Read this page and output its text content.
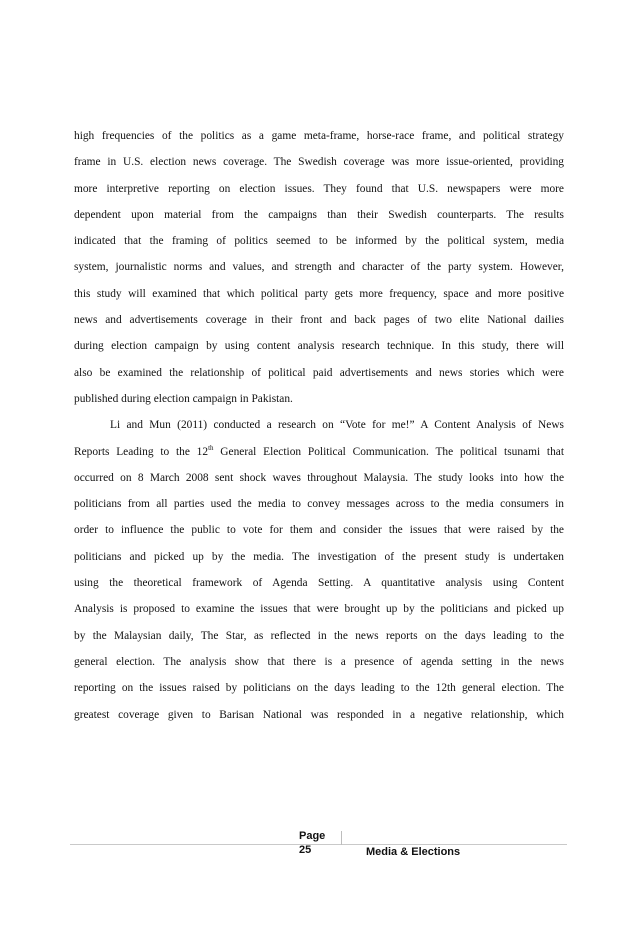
high frequencies of the politics as a game meta-frame, horse-race frame, and political strategy
frame in U.S. election news coverage. The Swedish coverage was more issue-oriented, providing
more interpretive reporting on election issues. They found that U.S. newspapers were more
dependent upon material from the campaigns than their Swedish counterparts. The results
indicated that the framing of politics seemed to be informed by the political system, media
system, journalistic norms and values, and strength and character of the party system. However,
this study will examined that which political party gets more frequency, space and more positive
news and advertisements coverage in their front and back pages of two elite National dailies
during election campaign by using content analysis research technique. In this study, there will
also be examined the relationship of political paid advertisements and news stories which were
published during election campaign in Pakistan.
Li and Mun (2011) conducted a research on “Vote for me!” A Content Analysis of News
Reports Leading to the 12th General Election Political Communication. The political tsunami that
occurred on 8 March 2008 sent shock waves throughout Malaysia. The study looks into how the
politicians from all parties used the media to convey messages across to the media consumers in
order to influence the public to vote for them and consider the issues that were raised by the
politicians and picked up by the media. The investigation of the present study is undertaken
using the theoretical framework of Agenda Setting. A quantitative analysis using Content
Analysis is proposed to examine the issues that were brought up by the politicians and picked up
by the Malaysian daily, The Star, as reflected in the news reports on the days leading to the
general election. The analysis show that there is a presence of agenda setting in the news
reporting on the issues raised by politicians on the days leading to the 12th general election. The
greatest coverage given to Barisan National was responded in a negative relationship, which
Page
25	Media & Elections
